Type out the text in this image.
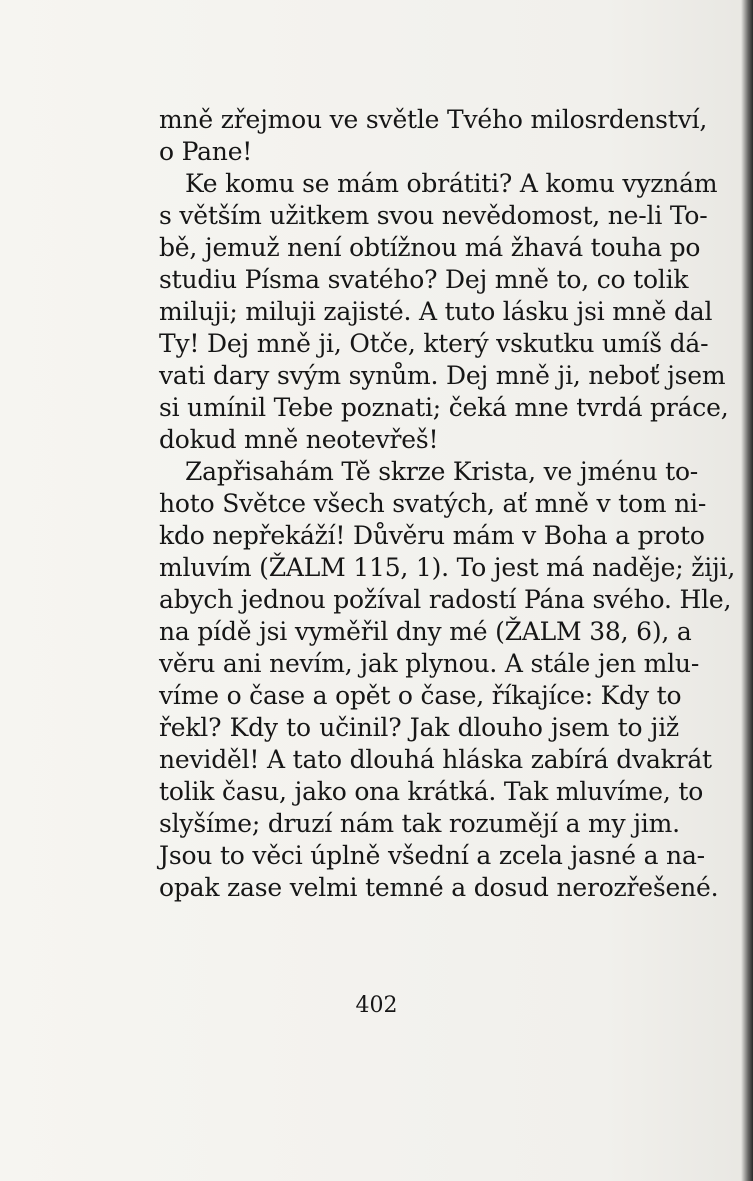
mně zřejmou ve světle Tvého milosrdenství,
o Pane!
Ke komu se mám obrátiti? A komu vyznám
s větším užitkem svou nevědomost, ne-li To-
bě, jemuž není obtížnou má žhavá touha po
studiu Písma svatého? Dej mně to, co tolik
miluji; miluji zajisté. A tuto lásku jsi mně dal
Ty! Dej mně ji, Otče, který vskutku umíš dá-
vati dary svým synům. Dej mně ji, neboť jsem
si umínil Tebe poznati; čeká mne tvrdá práce,
dokud mně neotevřeš!
Zapřisahám Tě skrze Krista, ve jménu to-
hoto Světce všech svatých, ať mně v tom ni-
kdo nepřekáží! Důvěru mám v Boha a proto
mluvím (ŽALM 115, 1). To jest má naděje; žiji,
abych jednou požíval radostí Pána svého. Hle,
na pídě jsi vyměřil dny mé (ŽALM 38, 6), a
věru ani nevím, jak plynou. A stále jen mlu-
víme o čase a opět o čase, říkajíce: Kdy to
řekl? Kdy to učinil? Jak dlouho jsem to již
neviděl! A tato dlouhá hláska zabírá dvakrát
tolik času, jako ona krátká. Tak mluvíme, to
slyšíme; druzí nám tak rozumějí a my jim.
Jsou to věci úplně všední a zcela jasné a na-
opak zase velmi temné a dosud nerozřešené.
402
